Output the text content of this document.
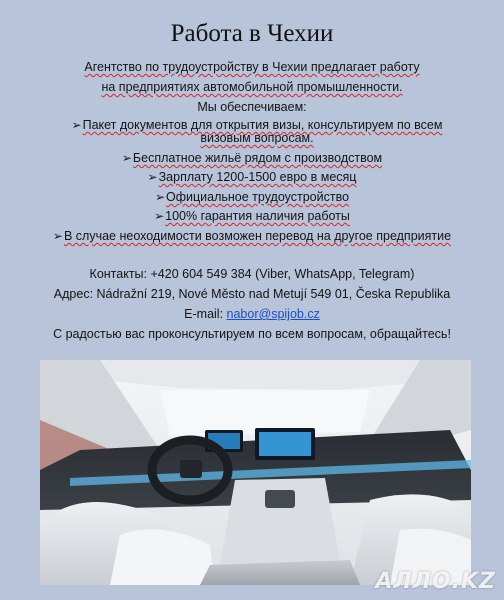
Работа в Чехии
Агентство по трудоустройству в Чехии предлагает работу
на предприятиях автомобильной промышленности.
Мы обеспечиваем:
➢Пакет документов для открытия визы, консультируем по всем визовым вопросам.
➢Бесплатное жильё рядом с производством
➢Зарплату 1200-1500 евро в месяц
➢Официальное трудоустройство
➢100% гарантия наличия работы
➢В случае неоходимости возможен перевод на другое предприятие
Контакты: +420 604 549 384 (Viber, WhatsApp, Telegram)
Адрес: Nádražní 219, Nové Město nad Metují 549 01, Česka Republika
E-mail: nabor@spijob.cz
С радостью вас проконсультируем по всем вопросам, обращайтесь!
АЛЛО.KZ
